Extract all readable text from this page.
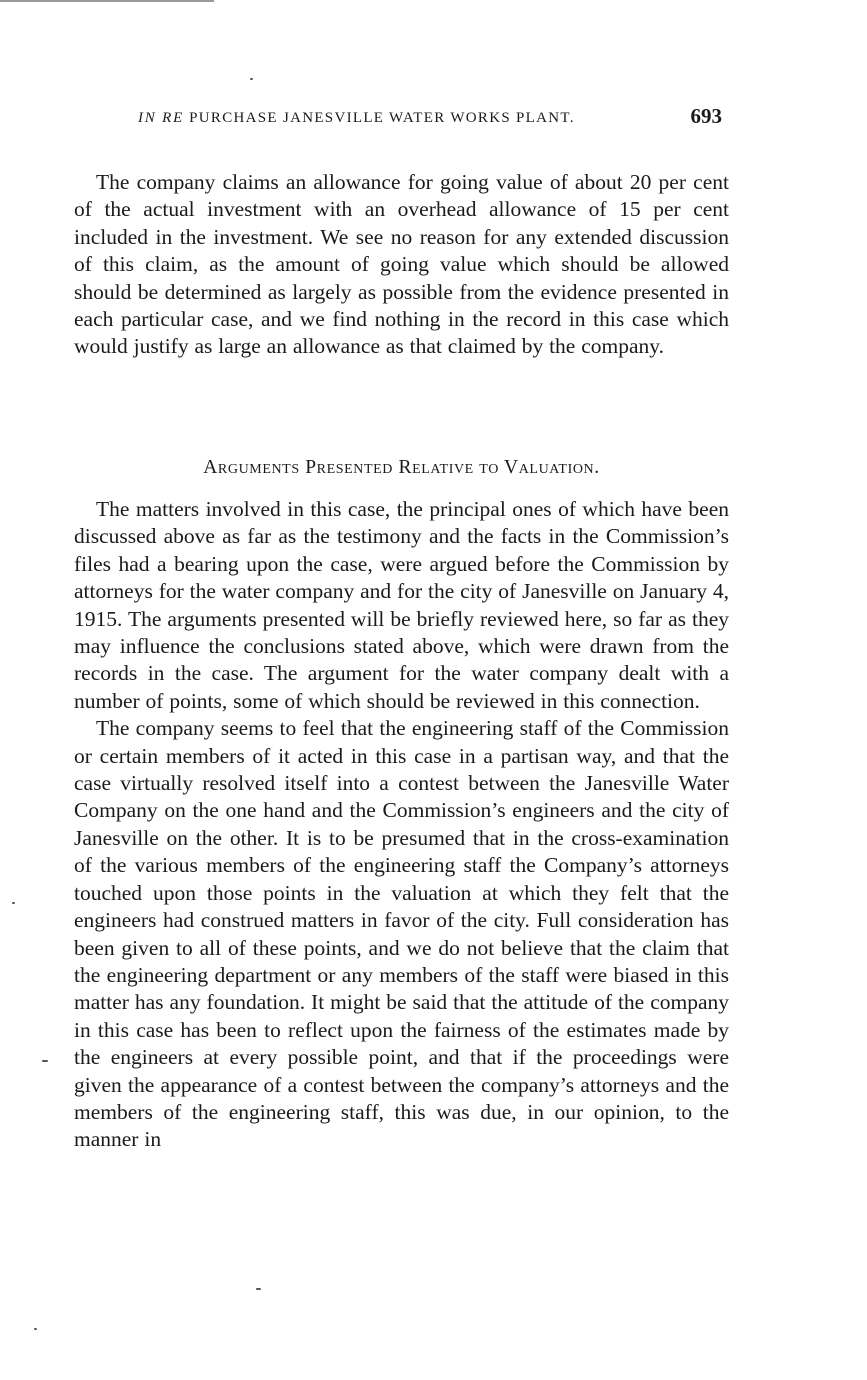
IN RE PURCHASE JANESVILLE WATER WORKS PLANT.	693

The company claims an allowance for going value of about 20 per cent of the actual investment with an overhead allowance of 15 per cent included in the investment. We see no reason for any extended discussion of this claim, as the amount of going value which should be allowed should be determined as largely as possible from the evidence presented in each particular case, and we find nothing in the record in this case which would justify as large an allowance as that claimed by the company.

Arguments Presented Relative to Valuation.

The matters involved in this case, the principal ones of which have been discussed above as far as the testimony and the facts in the Commission’s files had a bearing upon the case, were argued before the Commission by attorneys for the water company and for the city of Janesville on January 4, 1915. The arguments presented will be briefly reviewed here, so far as they may influence the conclusions stated above, which were drawn from the records in the case. The argument for the water company dealt with a number of points, some of which should be reviewed in this connection.

The company seems to feel that the engineering staff of the Commission or certain members of it acted in this case in a partisan way, and that the case virtually resolved itself into a contest between the Janesville Water Company on the one hand and the Commission’s engineers and the city of Janesville on the other. It is to be presumed that in the cross-examination of the various members of the engineering staff the Company’s attorneys touched upon those points in the valuation at which they felt that the engineers had construed matters in favor of the city. Full consideration has been given to all of these points, and we do not believe that the claim that the engineering department or any members of the staff were biased in this matter has any foundation. It might be said that the attitude of the company in this case has been to reflect upon the fairness of the estimates made by the engineers at every possible point, and that if the proceedings were given the appearance of a contest between the company’s attorneys and the members of the engineering staff, this was due, in our opinion, to the manner in
